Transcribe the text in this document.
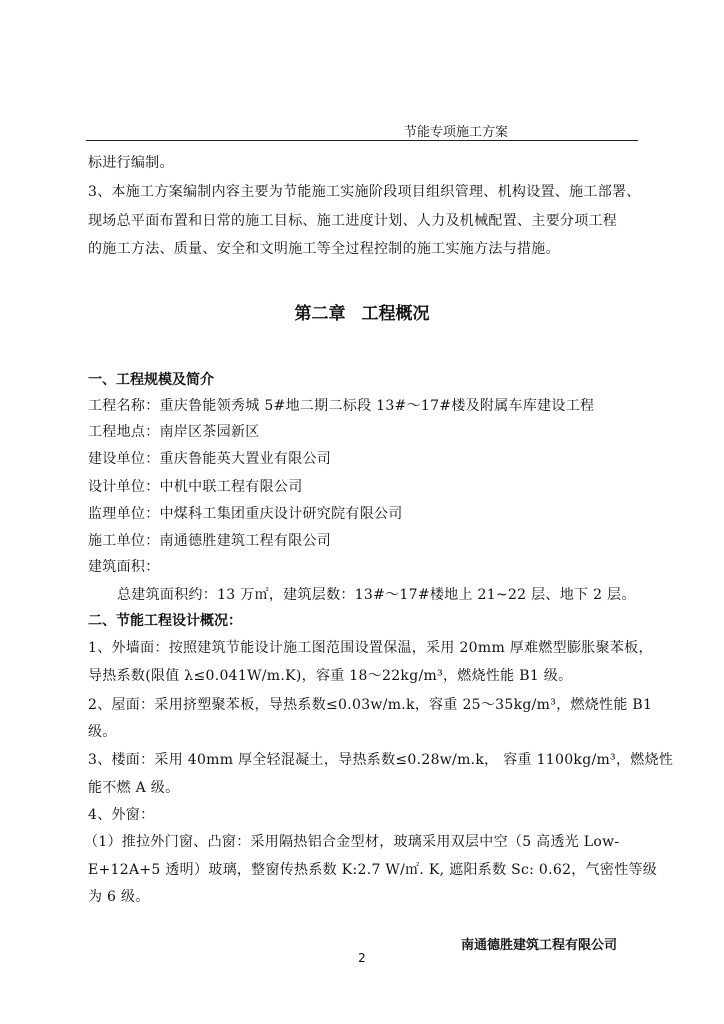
节能专项施工方案
标进行编制。
3、本施工方案编制内容主要为节能施工实施阶段项目组织管理、机构设置、施工部署、
现场总平面布置和日常的施工目标、施工进度计划、人力及机械配置、主要分项工程
的施工方法、质量、安全和文明施工等全过程控制的施工实施方法与措施。
第二章 工程概况
一、工程规模及简介
工程名称：重庆鲁能领秀城 5#地二期二标段 13#～17#楼及附属车库建设工程
工程地点：南岸区茶园新区
建设单位：重庆鲁能英大置业有限公司
设计单位：中机中联工程有限公司
监理单位：中煤科工集团重庆设计研究院有限公司
施工单位：南通德胜建筑工程有限公司
建筑面积：
总建筑面积约：13 万㎡，建筑层数：13#～17#楼地上 21~22 层、地下 2 层。
二、节能工程设计概况：
1、外墙面：按照建筑节能设计施工图范围设置保温，采用 20mm 厚难燃型膨胀聚苯板，
导热系数(限值 λ≤0.041W/m.K)，容重 18～22kg/m³，燃烧性能 B1 级。
2、屋面：采用挤塑聚苯板，导热系数≤0.03w/m.k，容重 25～35kg/m³，燃烧性能 B1
级。
3、楼面：采用 40mm 厚全轻混凝土，导热系数≤0.28w/m.k， 容重 1100kg/m³，燃烧性
能不燃 A 级。
4、外窗：
（1）推拉外门窗、凸窗：采用隔热铝合金型材，玻璃采用双层中空（5 高透光 Low-
E+12A+5 透明）玻璃，整窗传热系数 K:2.7 W/㎡. K, 遮阳系数 Sc: 0.62，气密性等级
为 6 级。
南通德胜建筑工程有限公司
2
